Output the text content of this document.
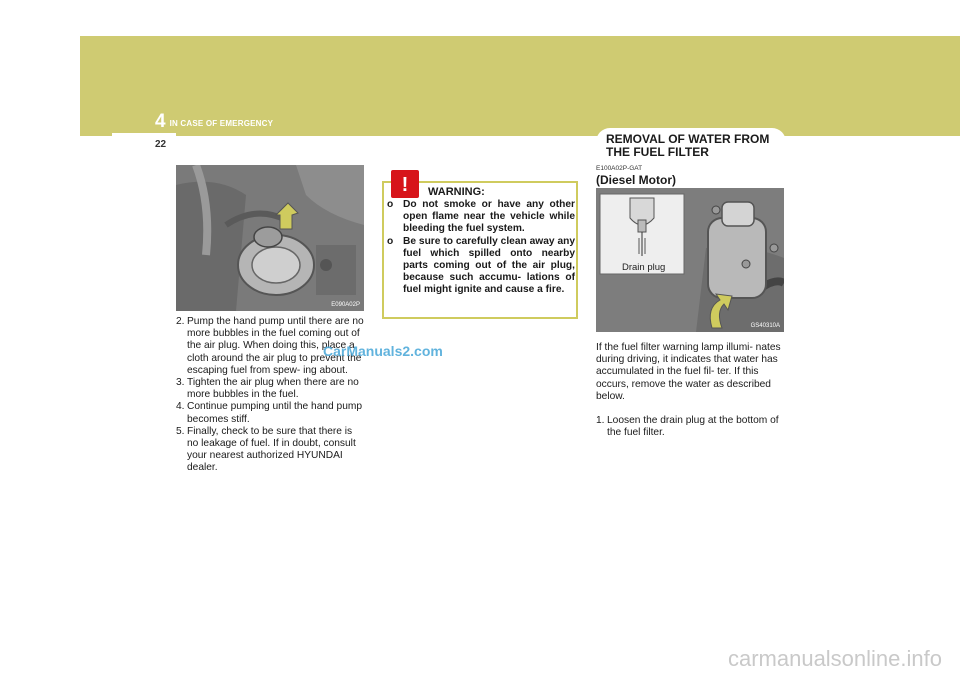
4 IN CASE OF EMERGENCY
22	REMOVAL OF WATER FROM THE FUEL FILTER
E090A02P
2. Pump the hand pump until there are no more bubbles in the fuel coming out of the air plug. When doing this, place a cloth around the air plug to prevent the escaping fuel from spew- ing about.
3. Tighten the air plug when there are no more bubbles in the fuel.
4. Continue pumping until the hand pump becomes stiff.
5. Finally, check to be sure that there is no leakage of fuel. If in doubt, consult your nearest authorized HYUNDAI dealer.
! WARNING:
o Do not smoke or have any other open flame near the vehicle while bleeding the fuel system.
o Be sure to carefully clean away any fuel which spilled onto nearby parts coming out of the air plug, because such accumu- lations of fuel might ignite and cause a fire.
E100A02P-GAT
(Diesel Motor)
Drain plug
GS40310A

If the fuel filter warning lamp illumi- nates during driving, it indicates that water has accumulated in the fuel fil- ter. If this occurs, remove the water as described below.

1. Loosen the drain plug at the bottom of the fuel filter.
CarManuals2.com
carmanualsonline.info
